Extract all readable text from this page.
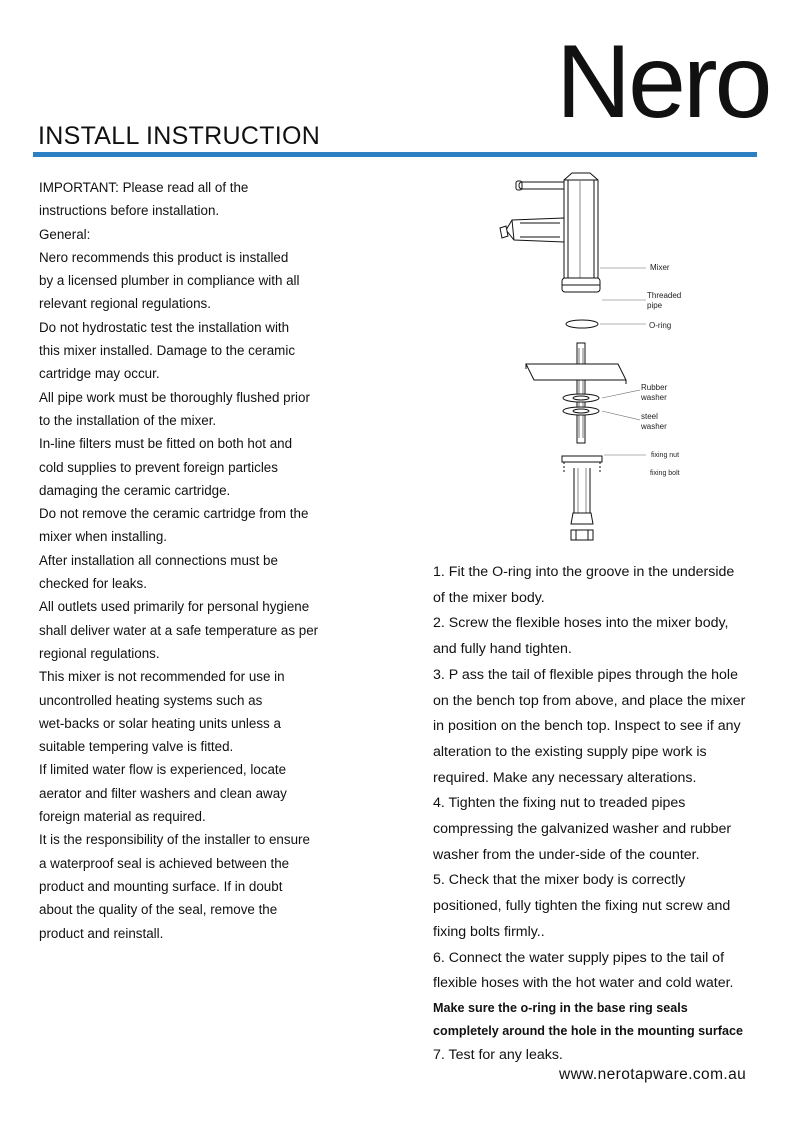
Nero
INSTALL INSTRUCTION
IMPORTANT: Please read all of the
instructions before installation.
General:
Nero recommends this product is installed
by a licensed plumber in compliance with all
relevant regional regulations.
Do not hydrostatic test the installation with
this mixer installed. Damage to the ceramic
cartridge may occur.
All pipe work must be thoroughly flushed prior
to the installation of the mixer.
In-line filters must be fitted on both hot and
cold supplies to prevent foreign particles
damaging the ceramic cartridge.
Do not remove the ceramic cartridge from the
mixer when installing.
After installation all connections must be
checked for leaks.
All outlets used primarily for personal hygiene
shall deliver water at a safe temperature as per
regional regulations.
This mixer is not recommended for use in
uncontrolled heating systems such as
wet-backs or solar heating units unless a
suitable tempering valve is fitted.
If limited water flow is experienced, locate
aerator and filter washers and clean away
foreign material as required.
It is the responsibility of the installer to ensure
a waterproof seal is achieved between the
product and mounting surface. If in doubt
about the quality of the seal, remove the
product and reinstall.
Mixer
Threaded
pipe
O-ring
Rubber
washer
steel
washer
fixing nut
fixing bolt
1. Fit the O-ring into the groove in the underside
of the mixer body.
2. Screw the flexible hoses into the mixer body,
and fully hand tighten.
3. P ass the tail of flexible pipes through the hole
on the bench top from above, and place the mixer
in position on the bench top. Inspect to see if any
alteration to the existing supply pipe work is
required. Make any necessary alterations.
4. Tighten the fixing nut to treaded pipes
compressing the galvanized washer and rubber
washer from the under-side of the counter.
5. Check that the mixer body is correctly
positioned, fully tighten the fixing nut screw and
fixing bolts firmly..
6. Connect the water supply pipes to the tail of
flexible hoses with the hot water and cold water.
Make sure the o-ring in the base ring seals
completely around the hole in the mounting surface
7. Test for any leaks.
www.nerotapware.com.au
